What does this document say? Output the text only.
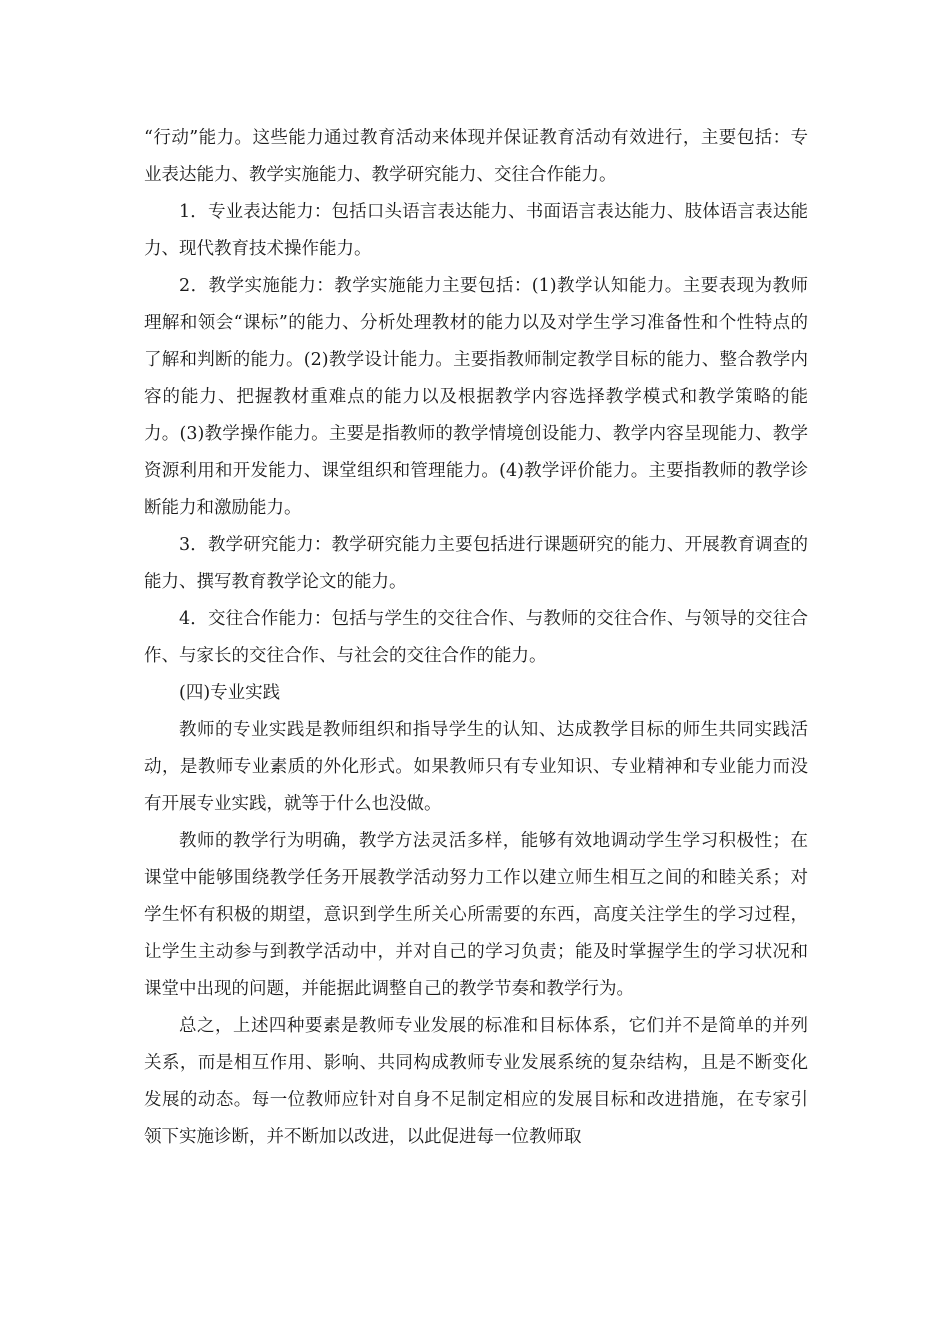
“行动”能力。这些能力通过教育活动来体现并保证教育活动有效进行，主要包括：专业表达能力、教学实施能力、教学研究能力、交往合作能力。

1．专业表达能力：包括口头语言表达能力、书面语言表达能力、肢体语言表达能力、现代教育技术操作能力。

2．教学实施能力：教学实施能力主要包括：(1)教学认知能力。主要表现为教师理解和领会“课标”的能力、分析处理教材的能力以及对学生学习准备性和个性特点的了解和判断的能力。(2)教学设计能力。主要指教师制定教学目标的能力、整合教学内容的能力、把握教材重难点的能力以及根据教学内容选择教学模式和教学策略的能力。(3)教学操作能力。主要是指教师的教学情境创设能力、教学内容呈现能力、教学资源利用和开发能力、课堂组织和管理能力。(4)教学评价能力。主要指教师的教学诊断能力和激励能力。

3．教学研究能力：教学研究能力主要包括进行课题研究的能力、开展教育调查的能力、撰写教育教学论文的能力。

4．交往合作能力：包括与学生的交往合作、与教师的交往合作、与领导的交往合作、与家长的交往合作、与社会的交往合作的能力。

(四)专业实践

教师的专业实践是教师组织和指导学生的认知、达成教学目标的师生共同实践活动，是教师专业素质的外化形式。如果教师只有专业知识、专业精神和专业能力而没有开展专业实践，就等于什么也没做。

教师的教学行为明确，教学方法灵活多样，能够有效地调动学生学习积极性；在课堂中能够围绕教学任务开展教学活动努力工作以建立师生相互之间的和睦关系；对学生怀有积极的期望，意识到学生所关心所需要的东西，高度关注学生的学习过程，让学生主动参与到教学活动中，并对自己的学习负责；能及时掌握学生的学习状况和课堂中出现的问题，并能据此调整自己的教学节奏和教学行为。

总之，上述四种要素是教师专业发展的标准和目标体系，它们并不是简单的并列关系，而是相互作用、影响、共同构成教师专业发展系统的复杂结构，且是不断变化发展的动态。每一位教师应针对自身不足制定相应的发展目标和改进措施，在专家引领下实施诊断，并不断加以改进，以此促进每一位教师取
